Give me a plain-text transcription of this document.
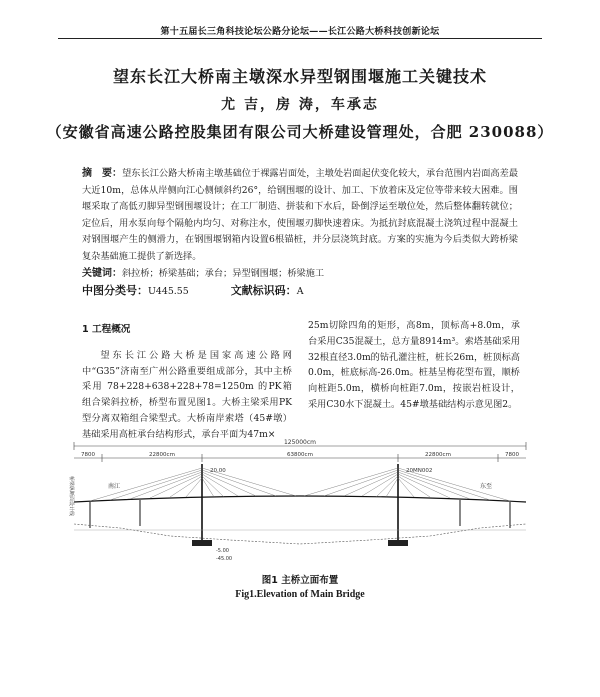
第十五届长三角科技论坛公路分论坛——长江公路大桥科技创新论坛
望东长江大桥南主墩深水异型钢围堰施工关键技术
尤 吉，房 涛，车承志
（安徽省高速公路控股集团有限公司大桥建设管理处，合肥 230088）
摘　要：望东长江公路大桥南主墩基础位于裸露岩面处，主墩处岩面起伏变化较大，承台范围内岩面高差最大近10m，总体从岸侧向江心侧倾斜约26°，给钢围堰的设计、加工、下放着床及定位等带来较大困难。围堰采取了高低刃脚异型钢围堰设计；在工厂制造、拼装和下水后，卧倒浮运至墩位处，然后整体翻转就位；定位后，用水泵向每个隔舱内均匀、对称注水，使围堰刃脚快速着床。为抵抗封底混凝土浇筑过程中混凝土对钢围堰产生的侧滑力，在钢围堰钢箱内设置6根锚桩，并分层浇筑封底。方案的实施为今后类似大跨桥梁复杂基础施工提供了新选择。
关键词：斜拉桥；桥梁基础；承台；异型钢围堰；桥梁施工
中图分类号：U445.55	文献标识码：A
1 工程概况

望东长江公路大桥是国家高速公路网中“G35”济南至广州公路重要组成部分，其中主桥采用 78+228+638+228+78=1250m 的PK箱组合梁斜拉桥，桥型布置见图1。大桥主梁采用PK型分离双箱组合梁型式。大桥南岸索塔（45#墩）基础采用高桩承台结构形式，承台平面为47m×

25m切除四角的矩形，高8m，顶标高+8.0m，承台采用C35混凝土，总方量8914m³。索塔基础采用32根直径3.0m的钻孔灌注桩，桩长26m，桩顶标高0.0m，桩底标高-26.0m。桩基呈梅花型布置，顺桥向桩距5.0m，横桥向桩距7.0m，按嵌岩桩设计，采用C30水下混凝土。45#墩基础结构示意见图2。

125000cm
7800	22800cm	63800cm	22800cm	7800
20.00	20MN002
南江	东至
桥梁纵断面设计线
-5.00
-45.00
图1 主桥立面布置
Fig1.Elevation of Main Bridge
